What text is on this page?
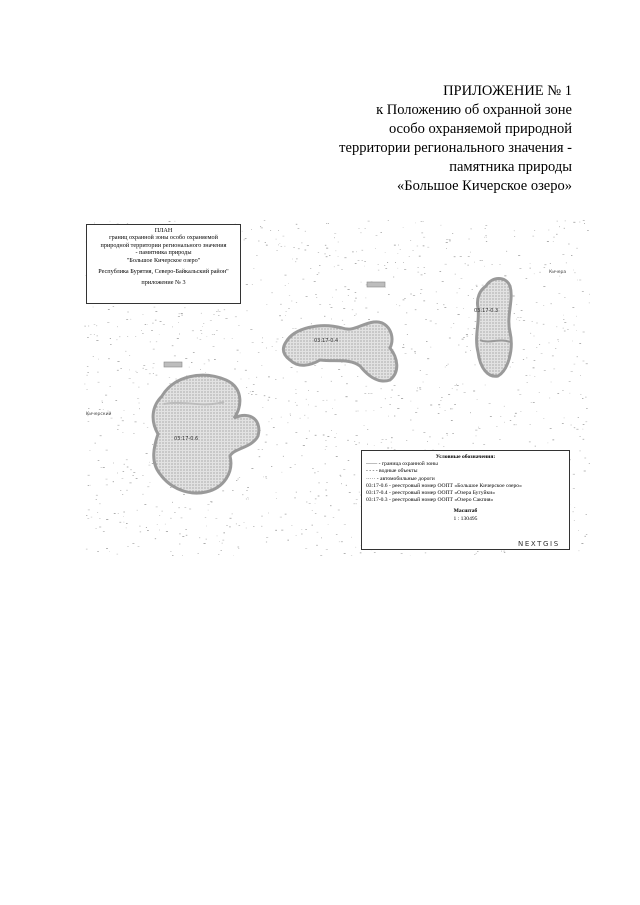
ПРИЛОЖЕНИЕ № 1
к Положению об охранной зоне
особо охраняемой природной
территории регионального значения -
памятника природы
«Большое Кичерское озеро»
03:17-0.6
03:17-0.4
03:17-0.3
Кичера
Кичерский
ПЛАН
границ охранной зоны особо охраняемой
природной территории регионального значения
- памятника природы
"Большое Кичерское озеро"
Республика Бурятия, Северо-Байкальский район"
приложение № 3
Условные обозначения:
—— - граница охранной зоны
- - - - водные объекты
····· - автомобильные дороги
03:17-0.6 - реестровый номер ООПТ «Большое Кичерское озеро»
03:17-0.4 - реестровый номер ООПТ «Озера Бугуйки»
03:17-0.3 - реестровый номер ООПТ «Озеро Сакпия»
Масштаб
1 : 130495
NEXTGIS
